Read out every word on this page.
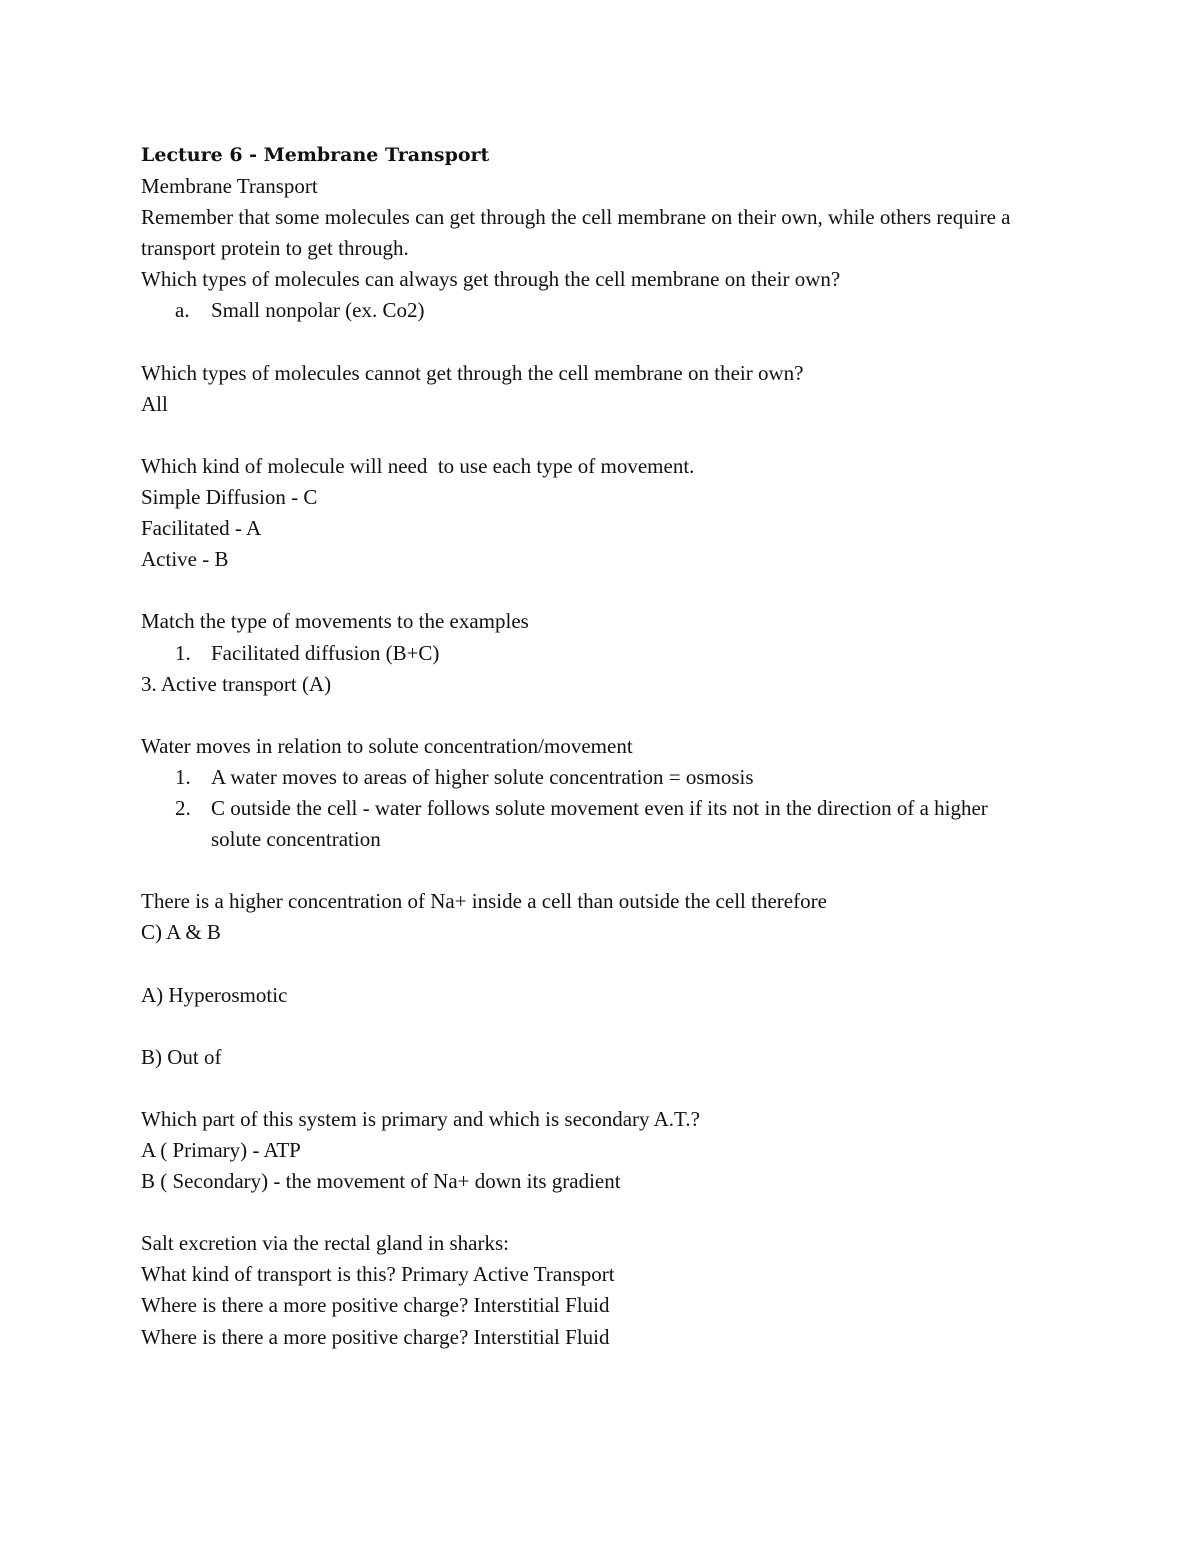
Lecture 6 - Membrane Transport
Membrane Transport
Remember that some molecules can get through the cell membrane on their own, while others require a transport protein to get through.
Which types of molecules can always get through the cell membrane on their own?
a. Small nonpolar (ex. Co2)
Which types of molecules cannot get through the cell membrane on their own?
All
Which kind of molecule will need  to use each type of movement.
Simple Diffusion - C
Facilitated - A
Active - B
Match the type of movements to the examples
1. Facilitated diffusion (B+C)
3. Active transport (A)
Water moves in relation to solute concentration/movement
1. A water moves to areas of higher solute concentration = osmosis
2. C outside the cell - water follows solute movement even if its not in the direction of a higher solute concentration
There is a higher concentration of Na+ inside a cell than outside the cell therefore
C) A & B
A) Hyperosmotic
B) Out of
Which part of this system is primary and which is secondary A.T.?
A ( Primary) - ATP
B ( Secondary) - the movement of Na+ down its gradient
Salt excretion via the rectal gland in sharks:
What kind of transport is this? Primary Active Transport
Where is there a more positive charge? Interstitial Fluid
Where is there a more positive charge? Interstitial Fluid
